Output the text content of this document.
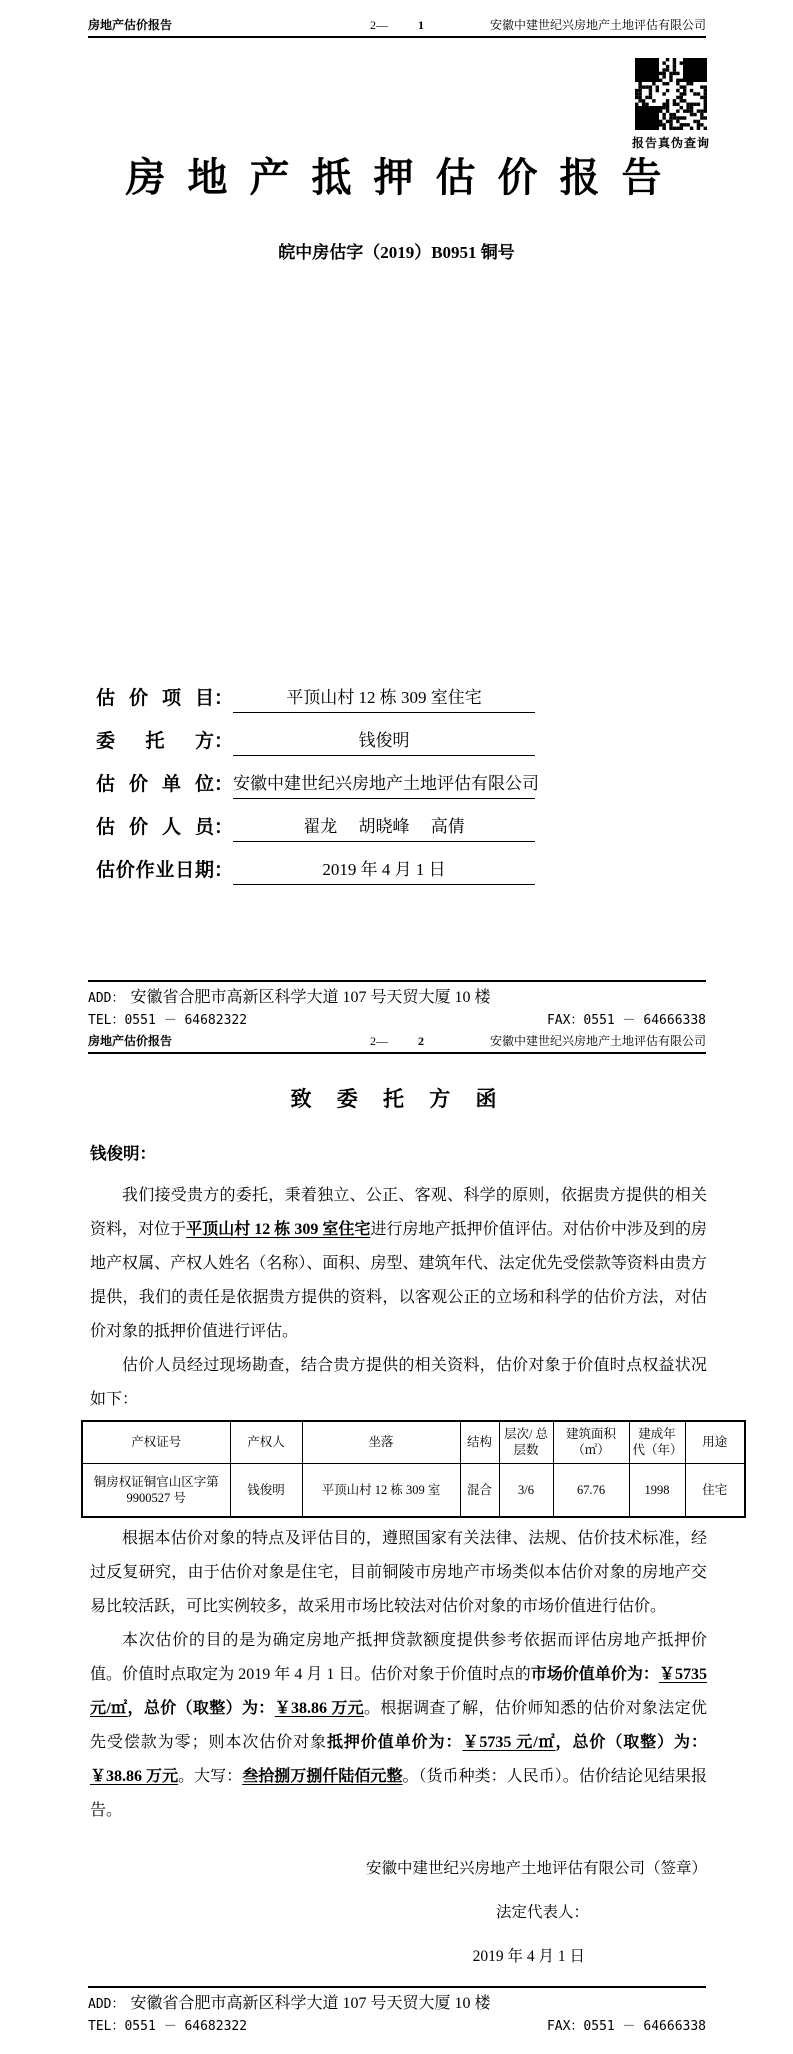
房地产估价报告	2—	1	安徽中建世纪兴房地产土地评估有限公司
报告真伪查询
房 地 产 抵 押 估 价 报 告
皖中房估字（2019）B0951 铜号
估价项目 ：	平顶山村 12 栋 309 室住宅
委托方 ：	钱俊明
估价单位 ： 安徽中建世纪兴房地产土地评估有限公司
估价人员 ：	翟龙　 胡晓峰　 高倩
估价作业日期 ：	2019 年 4 月 1 日
ADD： 安徽省合肥市高新区科学大道 107 号天贸大厦 10 楼
TEL：0551 － 64682322	FAX：0551 － 64666338
房地产估价报告	2—	2	安徽中建世纪兴房地产土地评估有限公司
致 委 托 方 函
钱俊明：

我们接受贵方的委托，秉着独立、公正、客观、科学的原则，依据贵方提供的相关资料，对位于平顶山村 12 栋 309 室住宅进行房地产抵押价值评估。对估价中涉及到的房地产权属、产权人姓名（名称）、面积、房型、建筑年代、法定优先受偿款等资料由贵方提供，我们的责任是依据贵方提供的资料，以客观公正的立场和科学的估价方法，对估价对象的抵押价值进行评估。

估价人员经过现场勘查，结合贵方提供的相关资料，估价对象于价值时点权益状况如下：

产权证号	产权人	坐落	结构	层次/ 总层数	建筑面积 （㎡）	建成年 代（年）	用途
铜房权证铜官山区字第9900527 号	钱俊明	平顶山村 12 栋 309 室	混合	3/6	67.76	1998	住宅

根据本估价对象的特点及评估目的，遵照国家有关法律、法规、估价技术标准，经过反复研究，由于估价对象是住宅，目前铜陵市房地产市场类似本估价对象的房地产交易比较活跃，可比实例较多，故采用市场比较法对估价对象的市场价值进行估价。

本次估价的目的是为确定房地产抵押贷款额度提供参考依据而评估房地产抵押价值。价值时点取定为 2019 年 4 月 1 日。估价对象于价值时点的市场价值单价为：￥5735 元/㎡，总价（取整）为：￥38.86 万元。根据调查了解，估价师知悉的估价对象法定优先受偿款为零；则本次估价对象抵押价值单价为：￥5735 元/㎡，总价（取整）为：￥38.86 万元。大写：叁拾捌万捌仟陆佰元整。（货币种类：人民币）。估价结论见结果报告。

安徽中建世纪兴房地产土地评估有限公司（签章）
法定代表人：
2019 年 4 月 1 日
ADD： 安徽省合肥市高新区科学大道 107 号天贸大厦 10 楼
TEL：0551 － 64682322	FAX：0551 － 64666338
